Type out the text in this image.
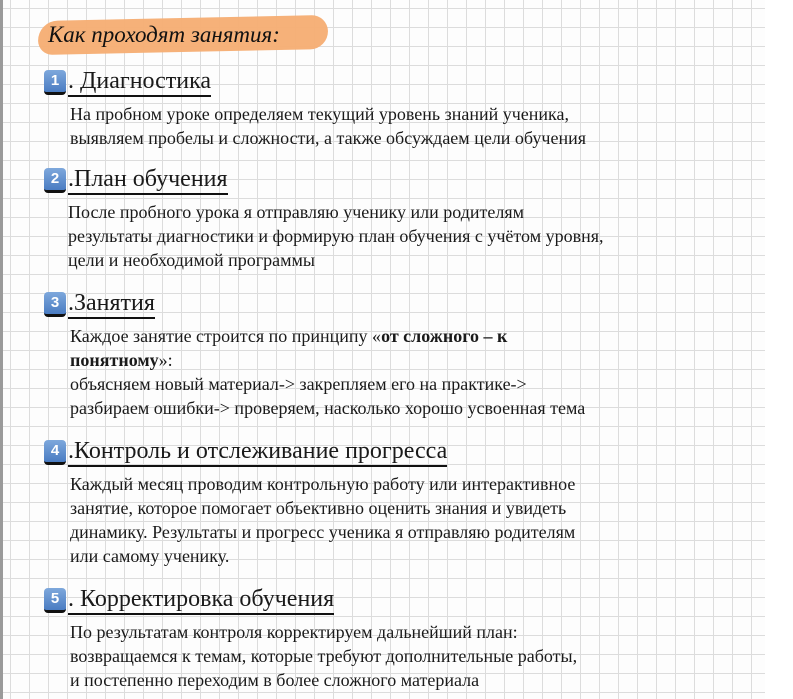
Как проходят занятия:
1 . Диагностика

На пробном уроке определяем текущий уровень знаний ученика,

выявляем пробелы и сложности, а также обсуждаем цели обучения

2 .План обучения

После пробного урока я отправляю ученику или родителям

результаты диагностики и формирую план обучения с учётом уровня,

цели и необходимой программы

3 .Занятия

Каждое занятие строится по принципу «от сложного – к

понятному»:

объясняем новый материал-> закрепляем его на практике->

разбираем ошибки-> проверяем, насколько хорошо усвоенная тема

4 .Контроль и отслеживание прогресса

Каждый месяц проводим контрольную работу или интерактивное

занятие, которое помогает объективно оценить знания и увидеть

динамику. Результаты и прогресс ученика я отправляю родителям

или самому ученику.

5 . Корректировка обучения

По результатам контроля корректируем дальнейший план:

возвращаемся к темам, которые требуют дополнительные работы,

и постепенно переходим в более сложного материала
